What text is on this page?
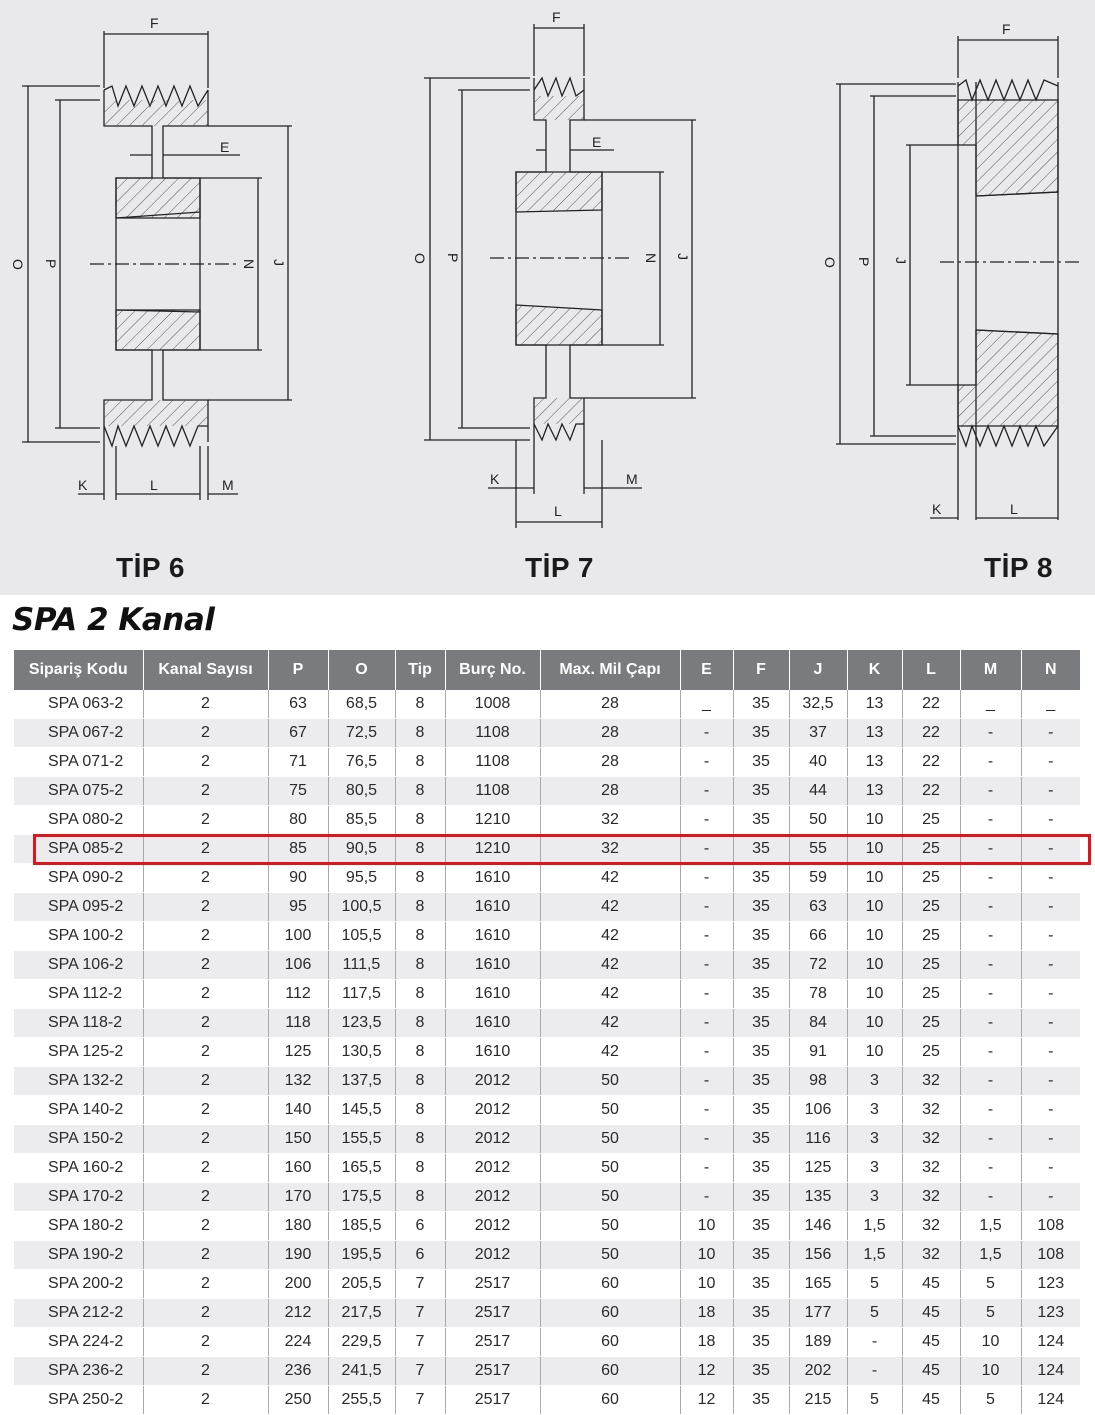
F
E
O P	N J
K	L	M
F
E
O P	N J
K
L
M
F
O P J
K	L
TİP 6	TİP 7	TİP 8
SPA 2 Kanal
Sipariş Kodu	Kanal Sayısı	P	O	Tip	Burç No.	Max. Mil Çapı	E	F	J	K	L	M	N
SPA 063-2	2	63	68,5	8	1008	28	_	35	32,5	13	22	_	_
SPA 067-2	2	67	72,5	8	1108	28	-	35	37	13	22	-	-
SPA 071-2	2	71	76,5	8	1108	28	-	35	40	13	22	-	-
SPA 075-2	2	75	80,5	8	1108	28	-	35	44	13	22	-	-
SPA 080-2	2	80	85,5	8	1210	32	-	35	50	10	25	-	-
SPA 085-2	2	85	90,5	8	1210	32	-	35	55	10	25	-	-
SPA 090-2	2	90	95,5	8	1610	42	-	35	59	10	25	-	-
SPA 095-2	2	95	100,5	8	1610	42	-	35	63	10	25	-	-
SPA 100-2	2	100	105,5	8	1610	42	-	35	66	10	25	-	-
SPA 106-2	2	106	111,5	8	1610	42	-	35	72	10	25	-	-
SPA 112-2	2	112	117,5	8	1610	42	-	35	78	10	25	-	-
SPA 118-2	2	118	123,5	8	1610	42	-	35	84	10	25	-	-
SPA 125-2	2	125	130,5	8	1610	42	-	35	91	10	25	-	-
SPA 132-2	2	132	137,5	8	2012	50	-	35	98	3	32	-	-
SPA 140-2	2	140	145,5	8	2012	50	-	35	106	3	32	-	-
SPA 150-2	2	150	155,5	8	2012	50	-	35	116	3	32	-	-
SPA 160-2	2	160	165,5	8	2012	50	-	35	125	3	32	-	-
SPA 170-2	2	170	175,5	8	2012	50	-	35	135	3	32	-	-
SPA 180-2	2	180	185,5	6	2012	50	10	35	146	1,5	32	1,5	108
SPA 190-2	2	190	195,5	6	2012	50	10	35	156	1,5	32	1,5	108
SPA 200-2	2	200	205,5	7	2517	60	10	35	165	5	45	5	123
SPA 212-2	2	212	217,5	7	2517	60	18	35	177	5	45	5	123
SPA 224-2	2	224	229,5	7	2517	60	18	35	189	-	45	10	124
SPA 236-2	2	236	241,5	7	2517	60	12	35	202	-	45	10	124
SPA 250-2	2	250	255,5	7	2517	60	12	35	215	5	45	5	124
